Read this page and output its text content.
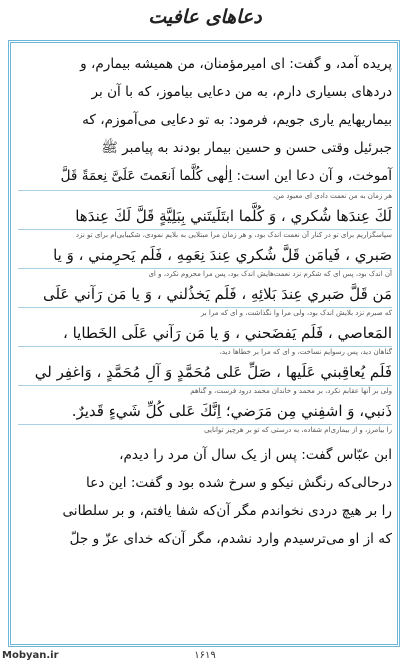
دعاهای عافیت

پریده آمد، و گفت: ای امیرمؤمنان، من همیشه بیمارم، و

دردهای بسیاری دارم، به من دعایی بیاموز، که با آن بر

بیماریهایم یاری جویم، فرمود: به تو دعایی می‌آموزم، که

جبرئیل وقتی حسن و حسین بیمار بودند به پیامبر ﷺ

آموخت، و آن دعا این است: اِلٰهی کُلَّما اَنعَمتَ عَلَیَّ نِعمَةً قَلَّ

هر زمان به من نعمت دادی ای معبود من،

لَكَ عِندَها شُكري ، وَ كُلَّما ابتَلَيتَني بِبَلِيَّةٍ قَلَّ لَكَ عِندَها

سپاسگزاریم برای تو در کنار آن نعمت اندک بود، و هر زمان مرا مبتلایی به بلایم نمودی، شکیبایی‌ام برای تو نزد

صَبري ، فَيامَن قَلَّ شُكري عِندَ نِعَمِهِ ، فَلَم يَحرِمني ، وَ يا

آن اندک بود، پس ای که شکرم نزد نعمت‌هایش اندک بود، پس مرا محروم نکرد، و ای

مَن قَلَّ صَبري عِندَ بَلائِهِ ، فَلَم يَخذُلني ، وَ يا مَن رَآني عَلَى

که صبرم نزد بلایش اندک بود، ولی مرا وا نگذاشت، و ای که مرا بر

المَعاصي ، فَلَم يَفضَحني ، وَ يا مَن رَآني عَلَى الخَطايا ،

گناهان دید، پس رسوایم نساخت، و ای که مرا بر خطاها دید،

فَلَم يُعاقِبني عَلَيها ، صَلِّ عَلى مُحَمَّدٍ وَ آلِ مُحَمَّدٍ ، وَاغفِر لي

ولی بر آنها عقابم نکرد، بر محمد و خاندان محمد درود فرست، و گناهم

ذَنبي، وَ اشفِني مِن مَرَضي؛ اِنَّكَ عَلى كُلِّ شَيءٍ قَديرٌ.

را بیامرز، و از بیماری‌ام شفاده، به درستی که تو بر هرچیز توانایی

ابن عبّاس گفت: پس از یک سال آن مرد را دیدم،

درحالی‌که رنگش نیکو و سرخ شده بود و گفت: این دعا

را بر هیچ دردی نخواندم مگر آن‌که شفا یافتم، و بر سلطانی

که از او می‌ترسیدم وارد نشدم، مگر آن‌که خدای عزّ و جلّ

Mobyan.ir	۱۶۱۹
